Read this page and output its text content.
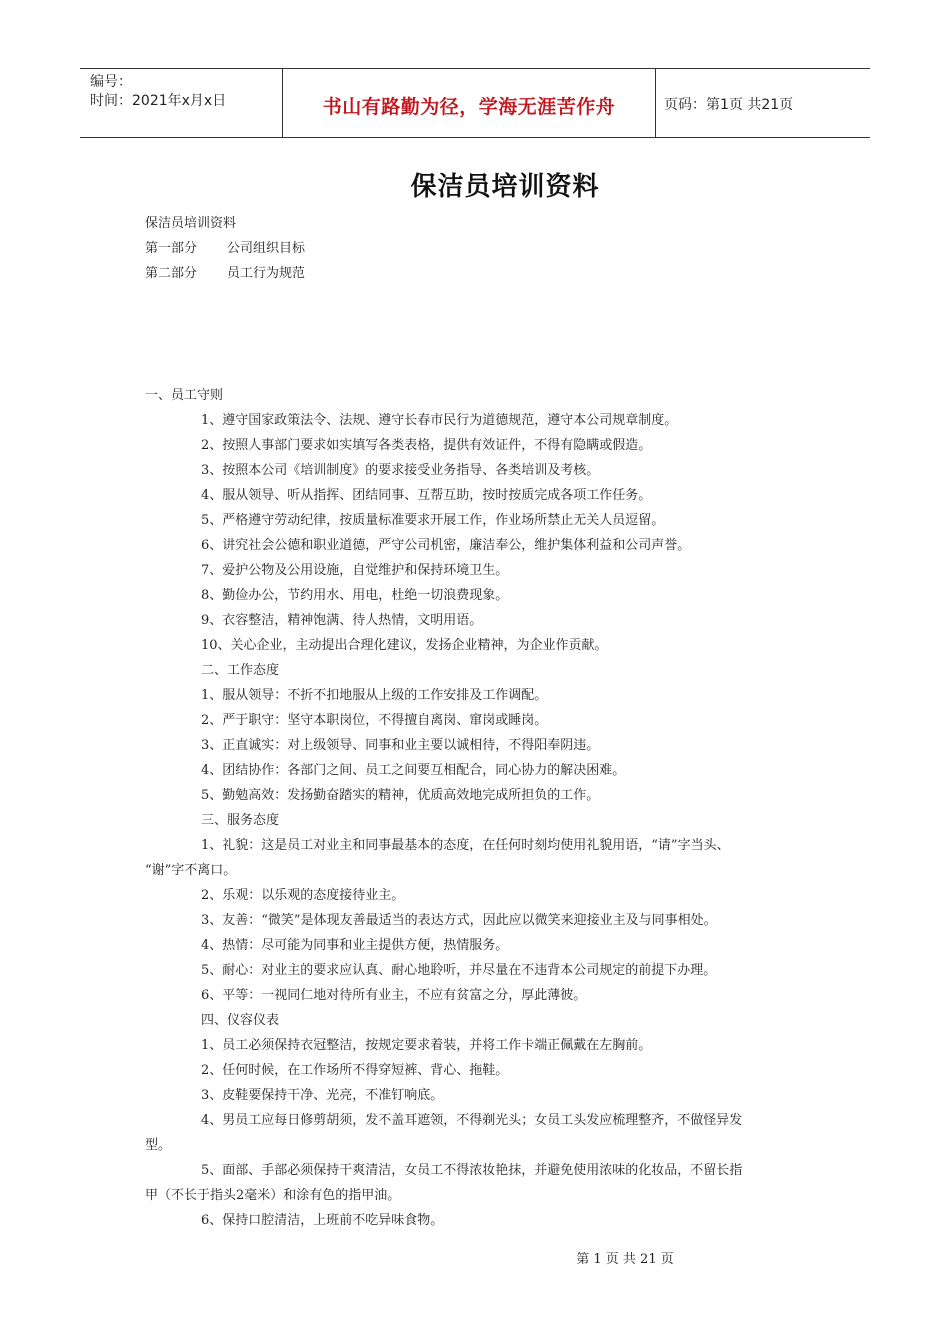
编号：
时间：2021年x月x日	书山有路勤为径，学海无涯苦作舟	页码：第1页 共21页
保洁员培训资料
保洁员培训资料
第一部分 公司组织目标
第二部分 员工行为规范
一、员工守则
1、遵守国家政策法令、法规、遵守长春市民行为道德规范，遵守本公司规章制度。
2、按照人事部门要求如实填写各类表格，提供有效证件，不得有隐瞒或假造。
3、按照本公司《培训制度》的要求接受业务指导、各类培训及考核。
4、服从领导、听从指挥、团结同事、互帮互助，按时按质完成各项工作任务。
5、严格遵守劳动纪律，按质量标准要求开展工作，作业场所禁止无关人员逗留。
6、讲究社会公德和职业道德，严守公司机密，廉洁奉公，维护集体利益和公司声誉。
7、爱护公物及公用设施，自觉维护和保持环境卫生。
8、勤俭办公，节约用水、用电，杜绝一切浪费现象。
9、衣容整洁，精神饱满、待人热情，文明用语。
10、关心企业，主动提出合理化建议，发扬企业精神，为企业作贡献。
二、工作态度
1、服从领导：不折不扣地服从上级的工作安排及工作调配。
2、严于职守：坚守本职岗位，不得擅自离岗、窜岗或睡岗。
3、正直诚实：对上级领导、同事和业主要以诚相待，不得阳奉阴违。
4、团结协作：各部门之间、员工之间要互相配合，同心协力的解决困难。
5、勤勉高效：发扬勤奋踏实的精神，优质高效地完成所担负的工作。
三、服务态度
1、礼貌：这是员工对业主和同事最基本的态度，在任何时刻均使用礼貌用语，“请”字当头、
“谢”字不离口。
2、乐观：以乐观的态度接待业主。
3、友善：“微笑”是体现友善最适当的表达方式，因此应以微笑来迎接业主及与同事相处。
4、热情：尽可能为同事和业主提供方便，热情服务。
5、耐心：对业主的要求应认真、耐心地聆听，并尽量在不违背本公司规定的前提下办理。
6、平等：一视同仁地对待所有业主，不应有贫富之分，厚此薄彼。
四、仪容仪表
1、员工必须保持衣冠整洁，按规定要求着装，并将工作卡端正佩戴在左胸前。
2、任何时候，在工作场所不得穿短裤、背心、拖鞋。
3、皮鞋要保持干净、光亮，不准钉响底。
4、男员工应每日修剪胡须，发不盖耳遮领，不得剃光头；女员工头发应梳理整齐，不做怪异发
型。
5、面部、手部必须保持干爽清洁，女员工不得浓妆艳抹，并避免使用浓味的化妆品，不留长指
甲（不长于指头2毫米）和涂有色的指甲油。
6、保持口腔清洁，上班前不吃异味食物。
第 1 页 共 21 页
